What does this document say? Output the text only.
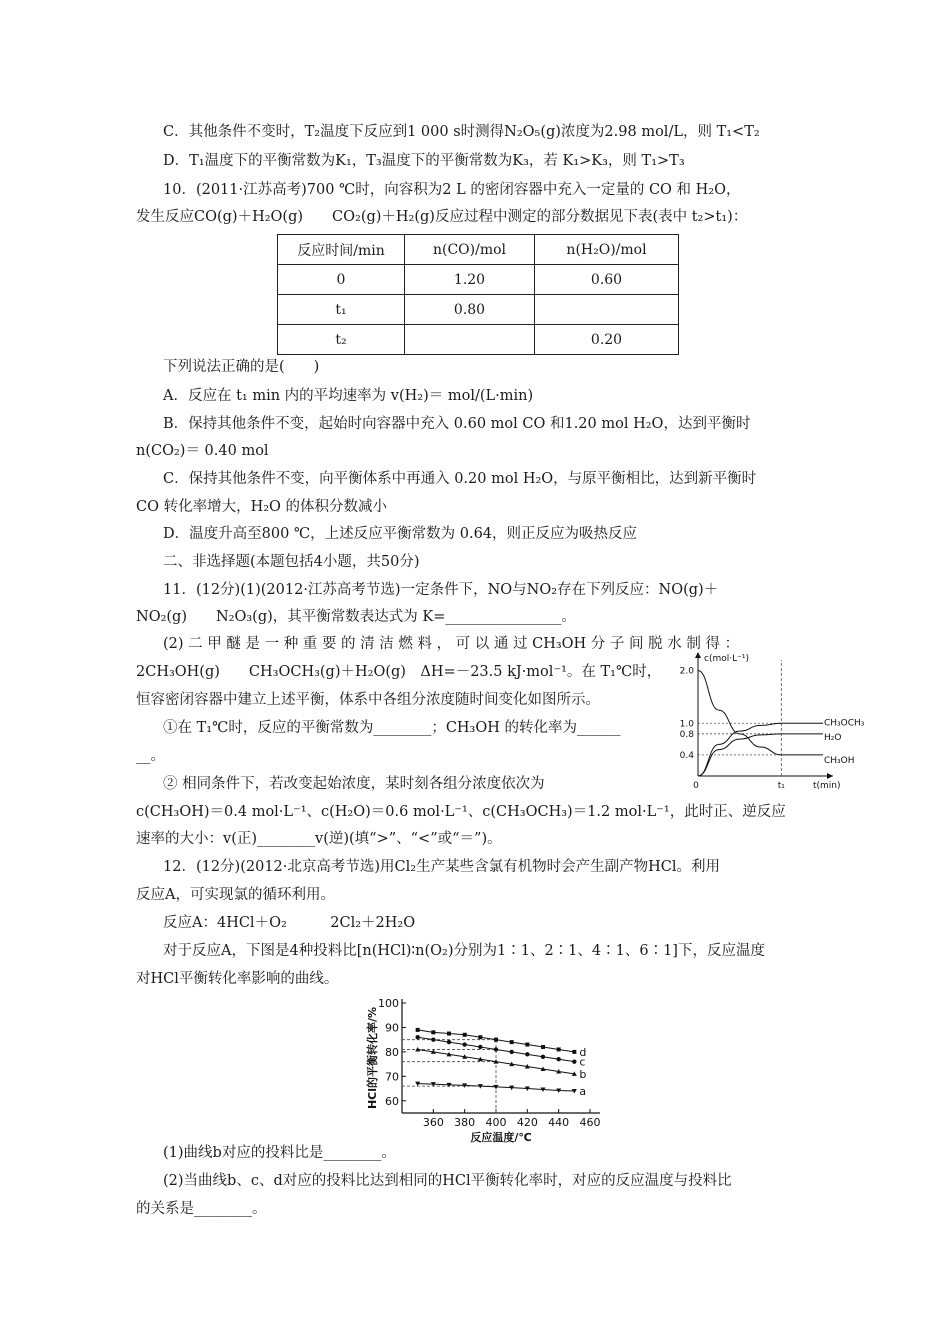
C．其他条件不变时，T₂温度下反应到1 000 s时测得N₂O₅(g)浓度为2.98 mol/L，则 T₁<T₂
D．T₁温度下的平衡常数为K₁，T₃温度下的平衡常数为K₃，若 K₁>K₃，则 T₁>T₃
10．(2011·江苏高考)700 ℃时，向容积为2 L 的密闭容器中充入一定量的 CO 和 H₂O，
发生反应CO(g)＋H₂O(g)　　CO₂(g)＋H₂(g)反应过程中测定的部分数据见下表(表中 t₂>t₁)：
反应时间/min	n(CO)/mol	n(H₂O)/mol
0	1.20	0.60
t₁	0.80	
t₂		0.20
下列说法正确的是(　　)
A．反应在 t₁ min 内的平均速率为 v(H₂)＝ mol/(L·min)
B．保持其他条件不变，起始时向容器中充入 0.60 mol CO 和1.20 mol H₂O，达到平衡时
n(CO₂)＝ 0.40 mol
C．保持其他条件不变，向平衡体系中再通入 0.20 mol H₂O，与原平衡相比，达到新平衡时
CO 转化率增大，H₂O 的体积分数减小
D．温度升高至800 ℃，上述反应平衡常数为 0.64，则正反应为吸热反应
二、非选择题(本题包括4小题，共50分)
11．(12分)(1)(2012·江苏高考节选)一定条件下，NO与NO₂存在下列反应：NO(g)＋
NO₂(g)　　N₂O₃(g)，其平衡常数表达式为 K=________________。
(2) 二 甲 醚 是 一 种 重 要 的 清 洁 燃 料 ， 可 以 通 过 CH₃OH 分 子 间 脱 水 制 得 ：
2CH₃OH(g)　　CH₃OCH₃(g)＋H₂O(g)　ΔH=－23.5 kJ·mol⁻¹。在 T₁℃时，
恒容密闭容器中建立上述平衡，体系中各组分浓度随时间变化如图所示。
①在 T₁℃时，反应的平衡常数为________；CH₃OH 的转化率为______
__。
② 相同条件下，若改变起始浓度，某时刻各组分浓度依次为
c(CH₃OH)＝0.4 mol·L⁻¹、c(H₂O)＝0.6 mol·L⁻¹、c(CH₃OCH₃)＝1.2 mol·L⁻¹，此时正、逆反应
速率的大小：v(正)________v(逆)(填“>”、“<”或“＝”)。
12．(12分)(2012·北京高考节选)用Cl₂生产某些含氯有机物时会产生副产物HCl。利用
反应A，可实现氯的循环利用。
反应A：4HCl＋O₂　　　2Cl₂＋2H₂O
对于反应A，下图是4种投料比[n(HCl)∶n(O₂)分别为1∶1、2∶1、4∶1、6∶1]下，反应温度
对HCl平衡转化率影响的曲线。
(1)曲线b对应的投料比是________。
(2)当曲线b、c、d对应的投料比达到相同的HCl平衡转化率时，对应的反应温度与投料比
的关系是________。
c(mol·L⁻¹)
t(min)
0.4
0.8
1.0
2.0
0	t₁
CH₃OCH₃
H₂O
CH₃OH
60
70
80
90
100
360 380 400 420 440 460
反应温度/℃
HCl的平衡转化率/%	d
c
b
a
